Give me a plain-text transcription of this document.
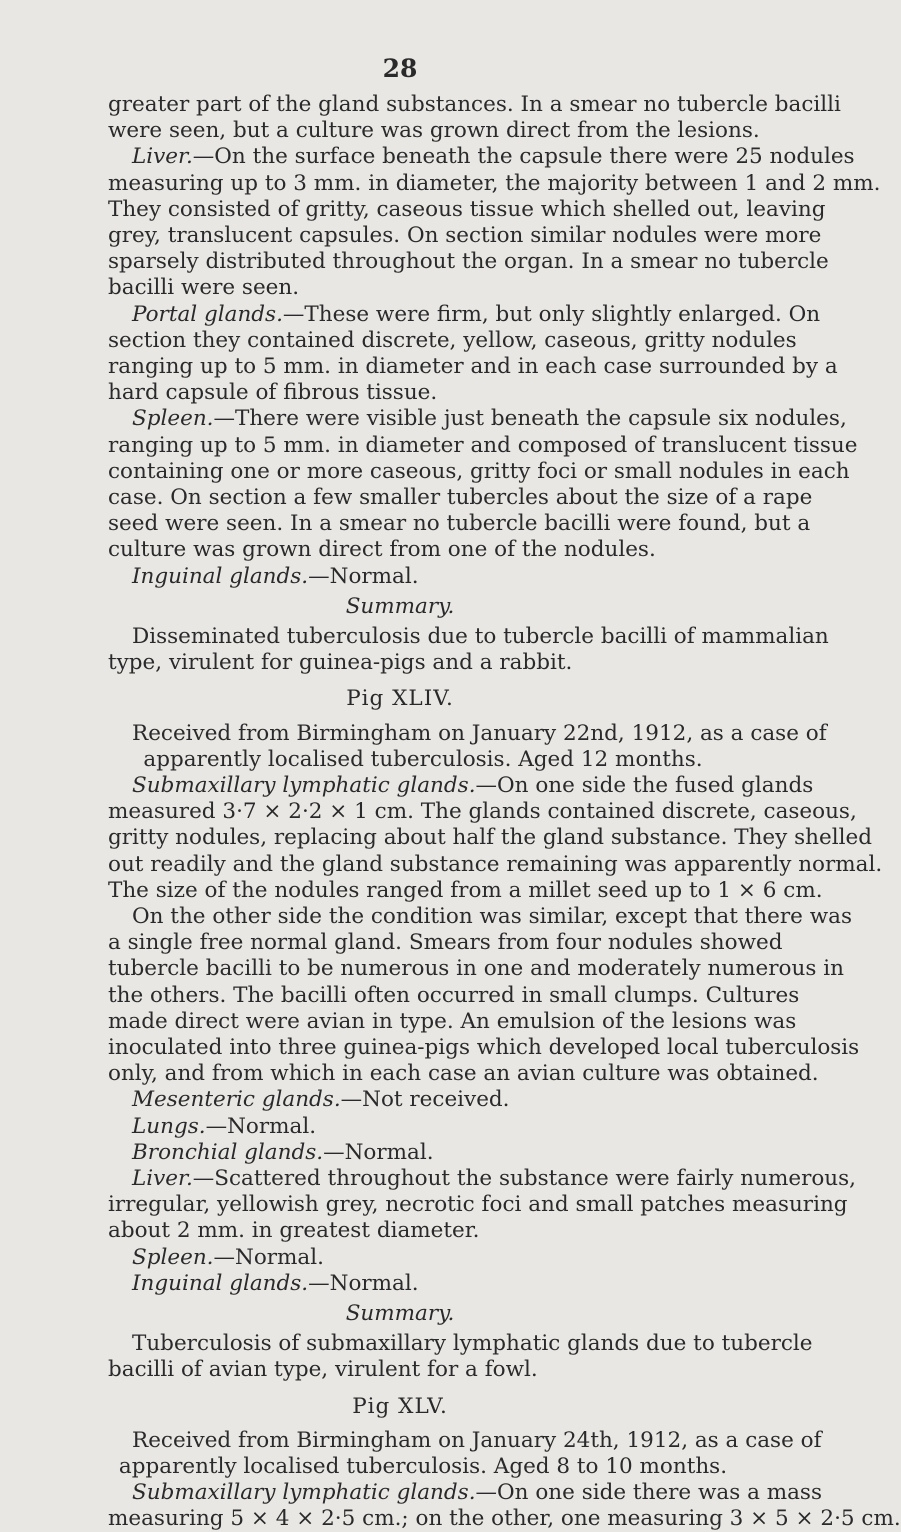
28
greater part of the gland substances. In a smear no tubercle bacilli
were seen, but a culture was grown direct from the lesions.
Liver.—On the surface beneath the capsule there were 25 nodules
measuring up to 3 mm. in diameter, the majority between 1 and 2 mm.
They consisted of gritty, caseous tissue which shelled out, leaving
grey, translucent capsules. On section similar nodules were more
sparsely distributed throughout the organ. In a smear no tubercle
bacilli were seen.
Portal glands.—These were firm, but only slightly enlarged. On
section they contained discrete, yellow, caseous, gritty nodules
ranging up to 5 mm. in diameter and in each case surrounded by a
hard capsule of fibrous tissue.
Spleen.—There were visible just beneath the capsule six nodules,
ranging up to 5 mm. in diameter and composed of translucent tissue
containing one or more caseous, gritty foci or small nodules in each
case. On section a few smaller tubercles about the size of a rape
seed were seen. In a smear no tubercle bacilli were found, but a
culture was grown direct from one of the nodules.
Inguinal glands.—Normal.
Summary.
Disseminated tuberculosis due to tubercle bacilli of mammalian
type, virulent for guinea-pigs and a rabbit.
Pig XLIV.
Received from Birmingham on January 22nd, 1912, as a case of
apparently localised tuberculosis. Aged 12 months.
Submaxillary lymphatic glands.—On one side the fused glands
measured 3·7 × 2·2 × 1 cm. The glands contained discrete, caseous,
gritty nodules, replacing about half the gland substance. They shelled
out readily and the gland substance remaining was apparently normal.
The size of the nodules ranged from a millet seed up to 1 × 6 cm.
On the other side the condition was similar, except that there was
a single free normal gland. Smears from four nodules showed
tubercle bacilli to be numerous in one and moderately numerous in
the others. The bacilli often occurred in small clumps. Cultures
made direct were avian in type. An emulsion of the lesions was
inoculated into three guinea-pigs which developed local tuberculosis
only, and from which in each case an avian culture was obtained.
Mesenteric glands.—Not received.
Lungs.—Normal.
Bronchial glands.—Normal.
Liver.—Scattered throughout the substance were fairly numerous,
irregular, yellowish grey, necrotic foci and small patches measuring
about 2 mm. in greatest diameter.
Spleen.—Normal.
Inguinal glands.—Normal.
Summary.
Tuberculosis of submaxillary lymphatic glands due to tubercle
bacilli of avian type, virulent for a fowl.
Pig XLV.
Received from Birmingham on January 24th, 1912, as a case of
apparently localised tuberculosis. Aged 8 to 10 months.
Submaxillary lymphatic glands.—On one side there was a mass
measuring 5 × 4 × 2·5 cm.; on the other, one measuring 3 × 5 × 2·5 cm.
